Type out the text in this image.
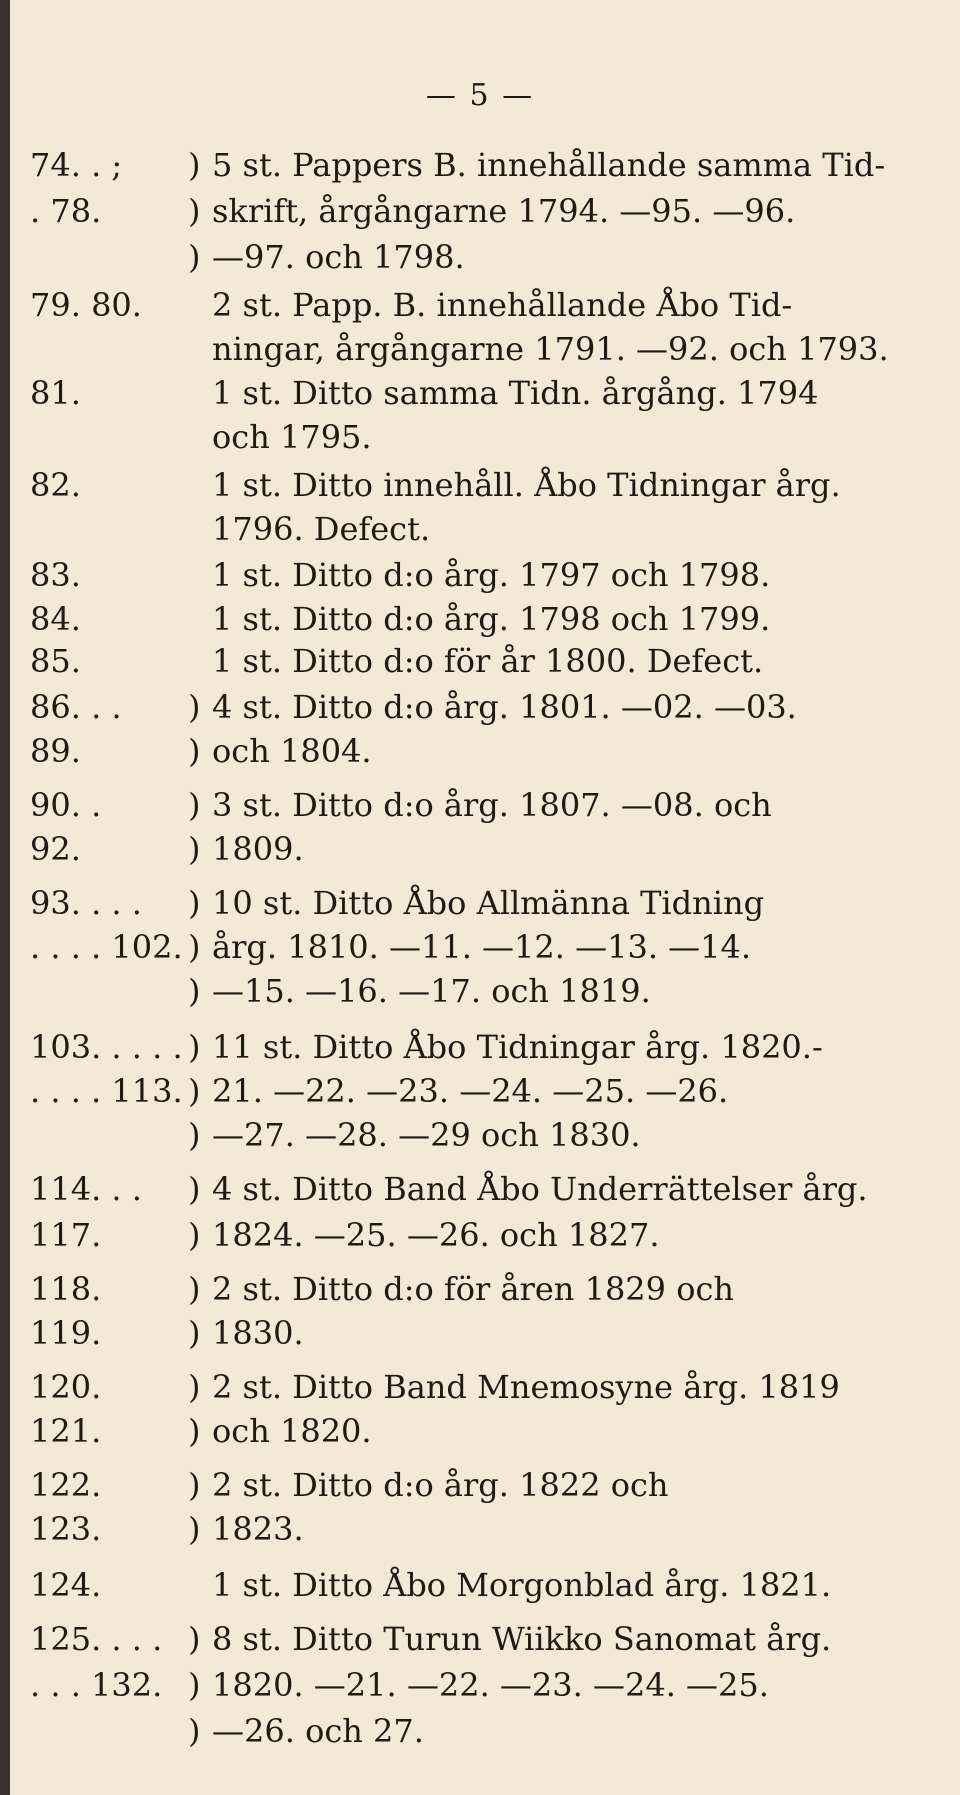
— 5 —
74. . ;	) 5 st. Pappers B. innehållande samma Tid-
. 78.	) skrift, årgångarne 1794. —95. —96.
) —97. och 1798.
79. 80.	2 st. Papp. B. innehållande Åbo Tid-
ningar, årgångarne 1791. —92. och 1793.
81.	1 st. Ditto samma Tidn. årgång. 1794
och 1795.
82.	1 st. Ditto innehåll. Åbo Tidningar årg.
1796. Defect.
83.	1 st. Ditto d:o årg. 1797 och 1798.
84.	1 st. Ditto d:o årg. 1798 och 1799.
85.	1 st. Ditto d:o för år 1800. Defect.
86. . .	) 4 st. Ditto d:o årg. 1801. —02. —03.
89.	) och 1804.
90. .	) 3 st. Ditto d:o årg. 1807. —08. och
92.	) 1809.
93. . . .	) 10 st. Ditto Åbo Allmänna Tidning
. . . . 102. ) årg. 1810. —11. —12. —13. —14.
) —15. —16. —17. och 1819.
103. . . . . ) 11 st. Ditto Åbo Tidningar årg. 1820.-
. . . . 113. ) 21. —22. —23. —24. —25. —26.
) —27. —28. —29 och 1830.
114. . .	) 4 st. Ditto Band Åbo Underrättelser årg.
117.	) 1824. —25. —26. och 1827.
118.	) 2 st. Ditto d:o för åren 1829 och
119.	) 1830.
120.	) 2 st. Ditto Band Mnemosyne årg. 1819
121.	) och 1820.
122.	) 2 st. Ditto d:o årg. 1822 och
123.	) 1823.
124.	1 st. Ditto Åbo Morgonblad årg. 1821.
125. . . . ) 8 st. Ditto Turun Wiikko Sanomat årg.
. . . 132. ) 1820. —21. —22. —23. —24. —25.
) —26. och 27.
